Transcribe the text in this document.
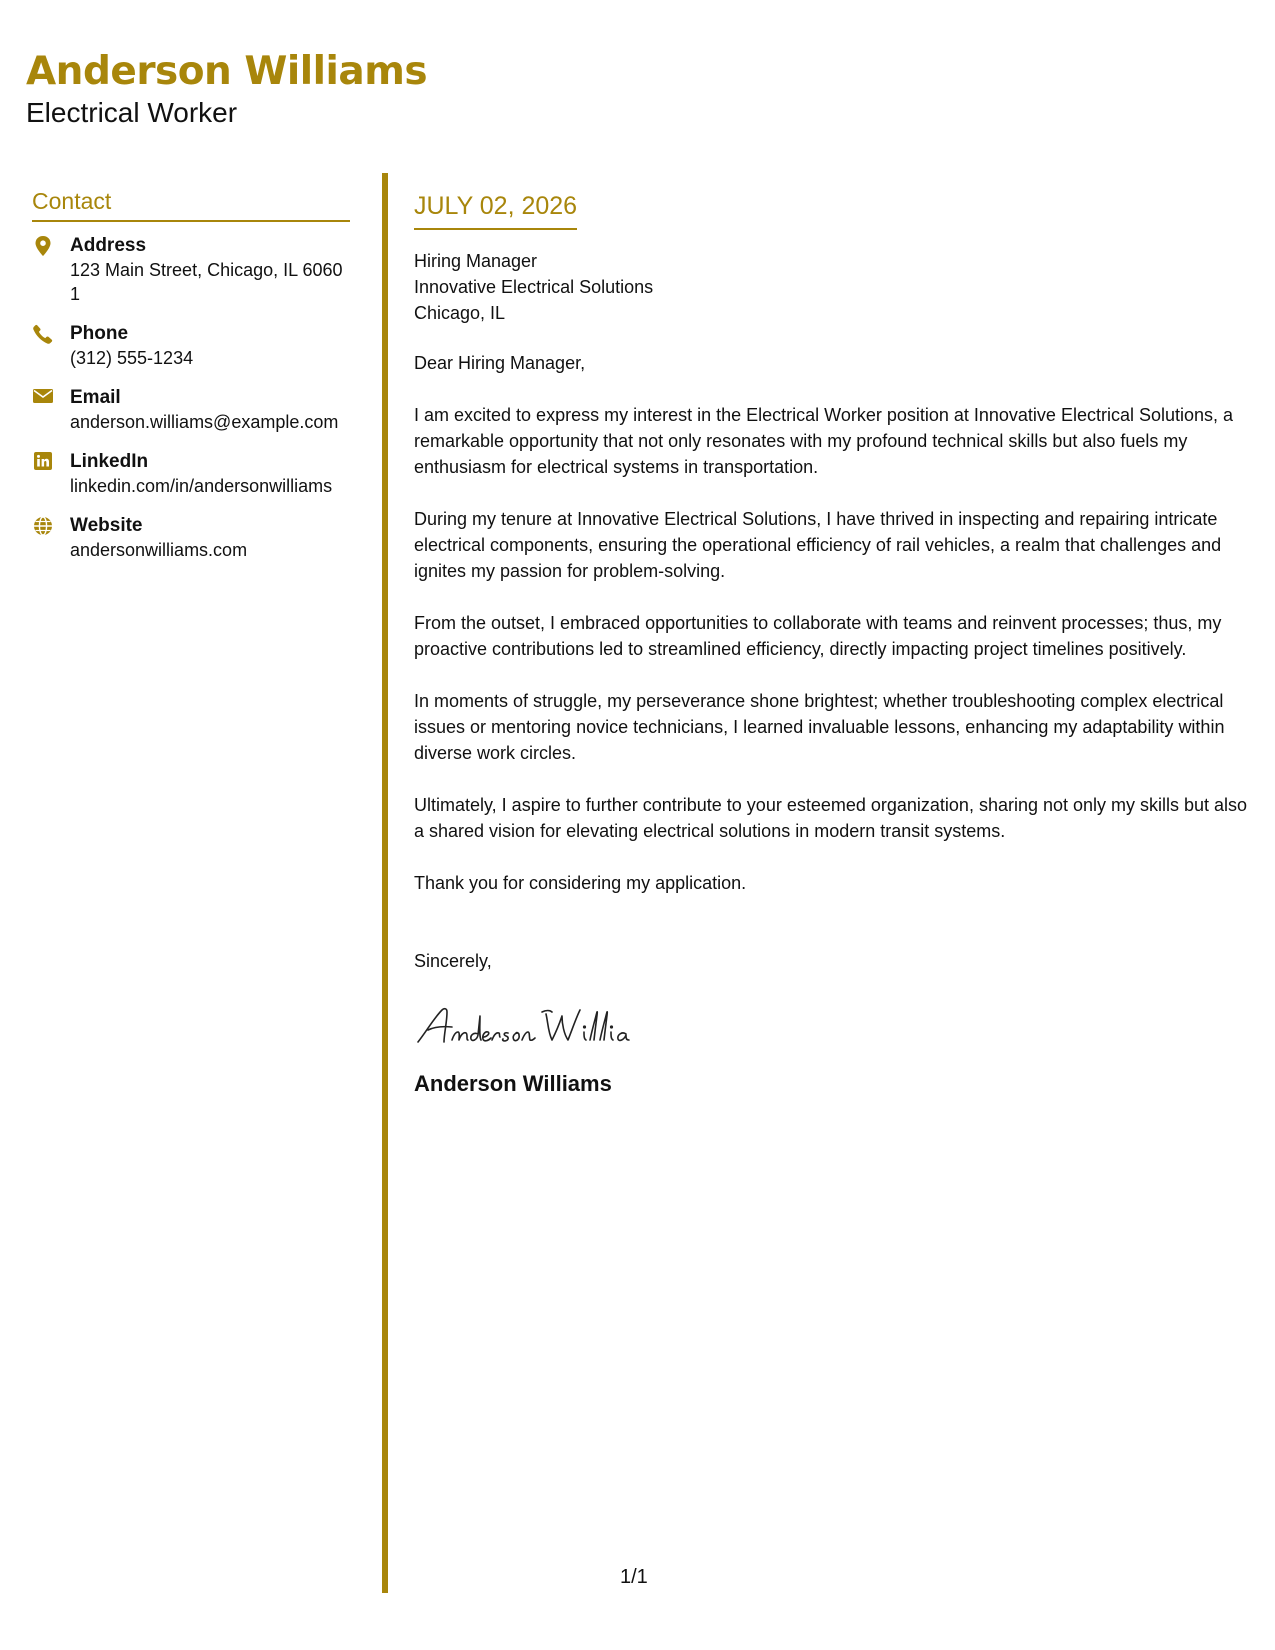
Anderson Williams
Electrical Worker
Contact
Address
123 Main Street, Chicago, IL 60601
Phone
(312) 555-1234
Email
anderson.williams@example.com
LinkedIn
linkedin.com/in/andersonwilliams
Website
andersonwilliams.com
JULY 02, 2026
Hiring Manager
Innovative Electrical Solutions
Chicago, IL

Dear Hiring Manager,

I am excited to express my interest in the Electrical Worker position at Innovative Electrical Solutions, a remarkable opportunity that not only resonates with my profound technical skills but also fuels my enthusiasm for electrical systems in transportation.

During my tenure at Innovative Electrical Solutions, I have thrived in inspecting and repairing intricate electrical components, ensuring the operational efficiency of rail vehicles, a realm that challenges and ignites my passion for problem-solving.

From the outset, I embraced opportunities to collaborate with teams and reinvent processes; thus, my proactive contributions led to streamlined efficiency, directly impacting project timelines positively.

In moments of struggle, my perseverance shone brightest; whether troubleshooting complex electrical issues or mentoring novice technicians, I learned invaluable lessons, enhancing my adaptability within diverse work circles.

Ultimately, I aspire to further contribute to your esteemed organization, sharing not only my skills but also a shared vision for elevating electrical solutions in modern transit systems.

Thank you for considering my application.

Sincerely,

Anderson Williams
1/1
